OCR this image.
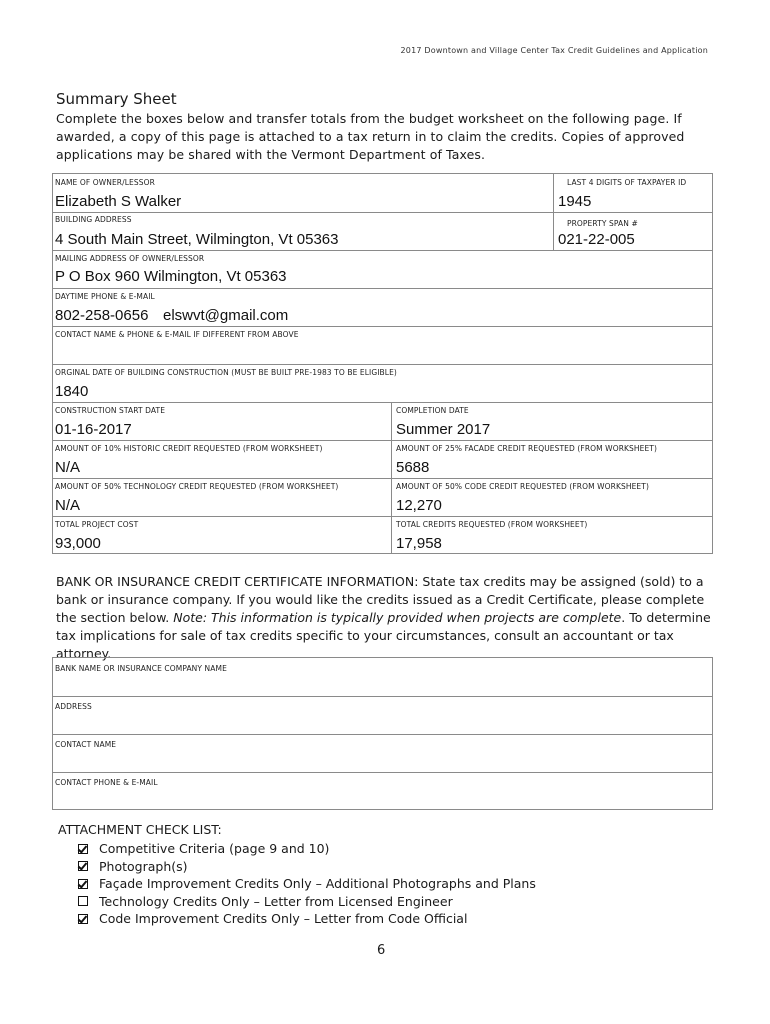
2017 Downtown and Village Center Tax Credit Guidelines and Application
Summary Sheet
Complete the boxes below and transfer totals from the budget worksheet on the following page. If awarded, a copy of this page is attached to a tax return in to claim the credits. Copies of approved applications may be shared with the Vermont Department of Taxes.
NAME OF OWNER/LESSOR
Elizabeth S Walker
LAST 4 DIGITS OF TAXPAYER ID
1945
BUILDING ADDRESS
4 South Main Street, Wilmington, Vt 05363
PROPERTY SPAN #
021-22-005
MAILING ADDRESS OF OWNER/LESSOR
P O Box 960 Wilmington, Vt 05363
DAYTIME PHONE & E-MAIL
802-258-0656 elswvt@gmail.com
CONTACT NAME & PHONE & E-MAIL IF DIFFERENT FROM ABOVE
ORGINAL DATE OF BUILDING CONSTRUCTION (MUST BE BUILT PRE-1983 TO BE ELIGIBLE)
1840
CONSTRUCTION START DATE
01-16-2017
COMPLETION DATE
Summer 2017
AMOUNT OF 10% HISTORIC CREDIT REQUESTED (FROM WORKSHEET)
N/A
AMOUNT OF 25% FACADE CREDIT REQUESTED (FROM WORKSHEET)
5688
AMOUNT OF 50% TECHNOLOGY CREDIT REQUESTED (FROM WORKSHEET)
N/A
AMOUNT OF 50% CODE CREDIT REQUESTED (FROM WORKSHEET)
12,270
TOTAL PROJECT COST
93,000
TOTAL CREDITS REQUESTED (FROM WORKSHEET)
17,958
BANK OR INSURANCE CREDIT CERTIFICATE INFORMATION: State tax credits may be assigned (sold) to a bank or insurance company. If you would like the credits issued as a Credit Certificate, please complete the section below. Note: This information is typically provided when projects are complete. To determine tax implications for sale of tax credits specific to your circumstances, consult an accountant or tax attorney.
BANK NAME OR INSURANCE COMPANY NAME
ADDRESS
CONTACT NAME
CONTACT PHONE & E-MAIL
ATTACHMENT CHECK LIST:
Competitive Criteria (page 9 and 10)
Photograph(s)
Façade Improvement Credits Only – Additional Photographs and Plans
Technology Credits Only – Letter from Licensed Engineer
Code Improvement Credits Only – Letter from Code Official
6
